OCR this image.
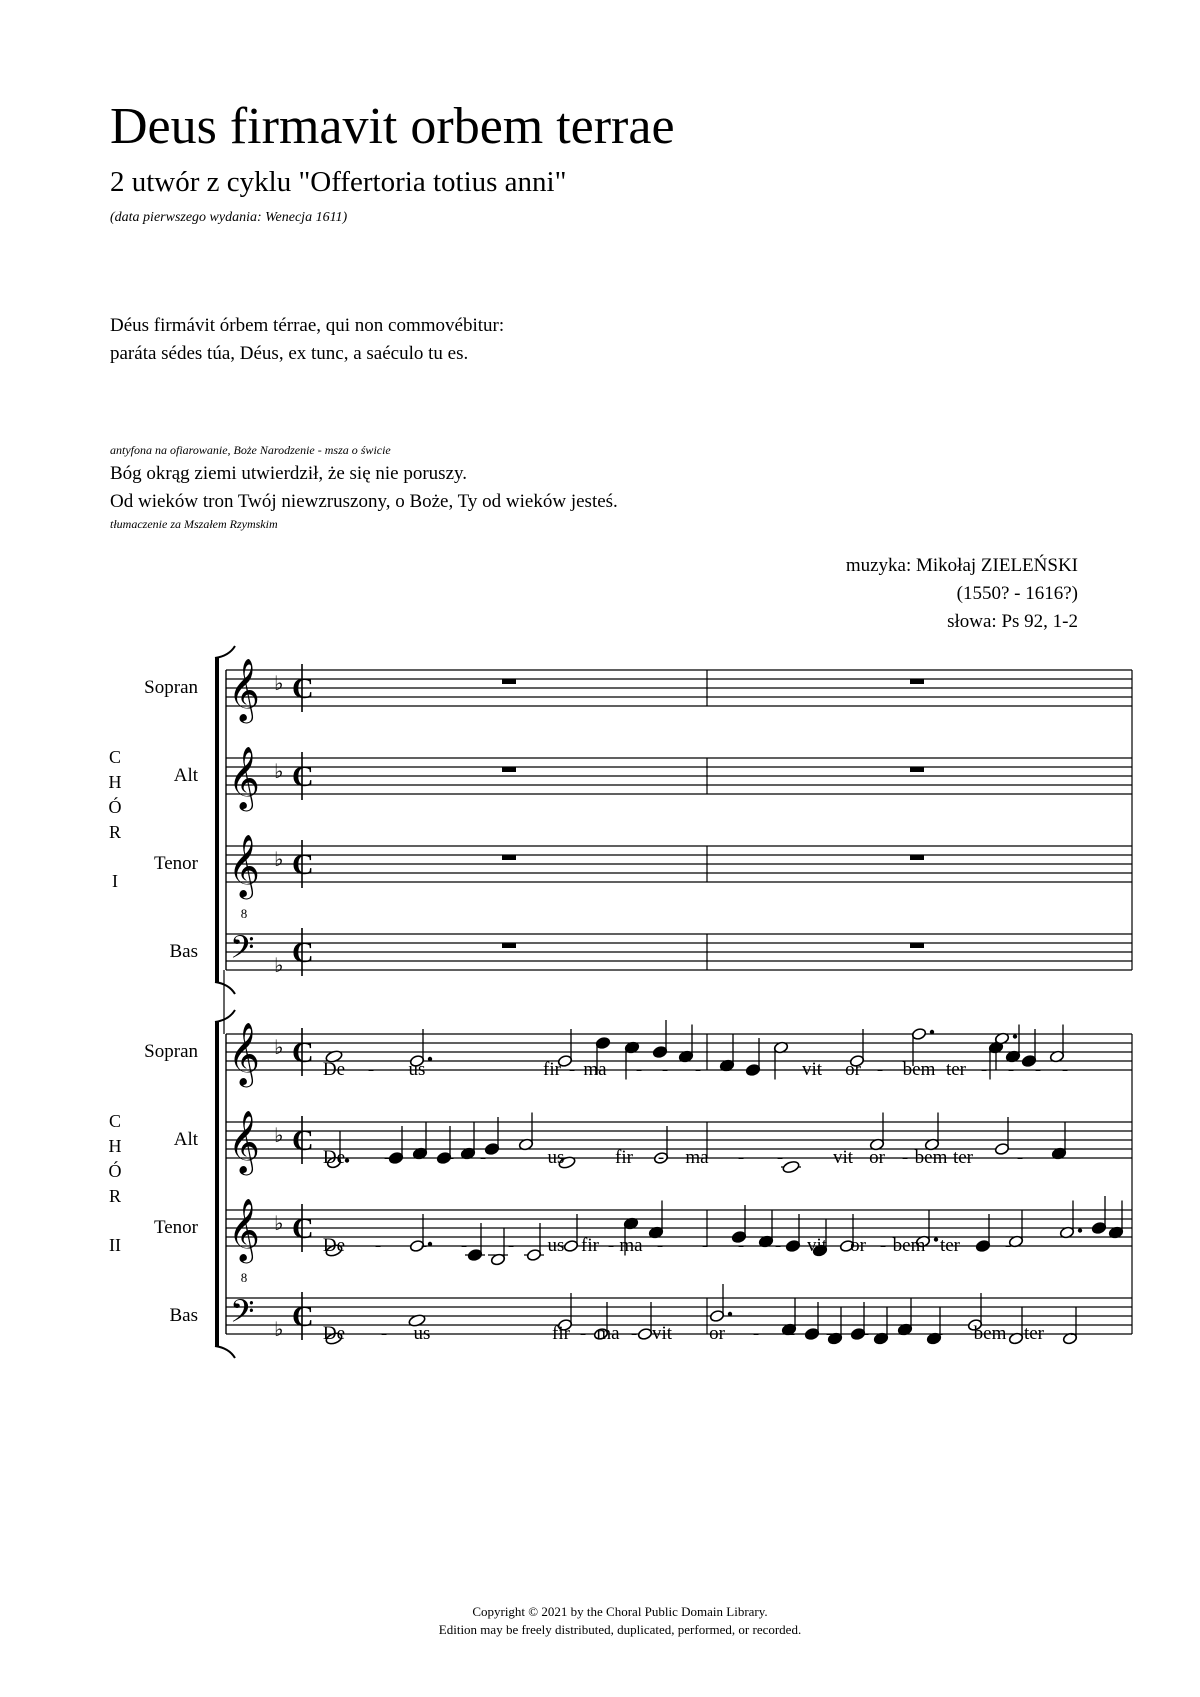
Deus firmavit orbem terrae
2 utwór z cyklu "Offertoria totius anni"
(data pierwszego wydania: Wenecja 1611)
Déus firmávit órbem térrae, qui non commovébitur:
paráta sédes túa, Déus, ex tunc, a saéculo tu es.
antyfona na ofiarowanie, Boże Narodzenie - msza o świcie
Bóg okrąg ziemi utwierdził, że się nie poruszy.
Od wieków tron Twój niewzruszony, o Boże, Ty od wieków jesteś.
tłumaczenie za Mszałem Rzymskim
muzyka: Mikołaj ZIELEŃSKI
(1550? - 1616?)
słowa: Ps 92, 1-2
𝄞 ♭ C
𝄞 ♭ C
𝄞
8
♭ C
𝄢 ♭ C
𝄞 ♭ C
𝄞 ♭ C
𝄞
8
♭ C
𝄢 ♭ C
Sopran
Alt
Tenor
Bas
C
H
Ó
R
I
Sopran
Alt
Tenor
Bas
C
H
Ó
R
II
De - us	fir - ma - - - -	vit or - bem ter - - - -
De - - - -	us	fir - ma - -	vit or - bem ter -
De - - - - us fir - ma - - - - vit or - bem ter -
De - us	fir - ma - vit or - - - - - - bem ter -
Copyright © 2021 by the Choral Public Domain Library.
Edition may be freely distributed, duplicated, performed, or recorded.
